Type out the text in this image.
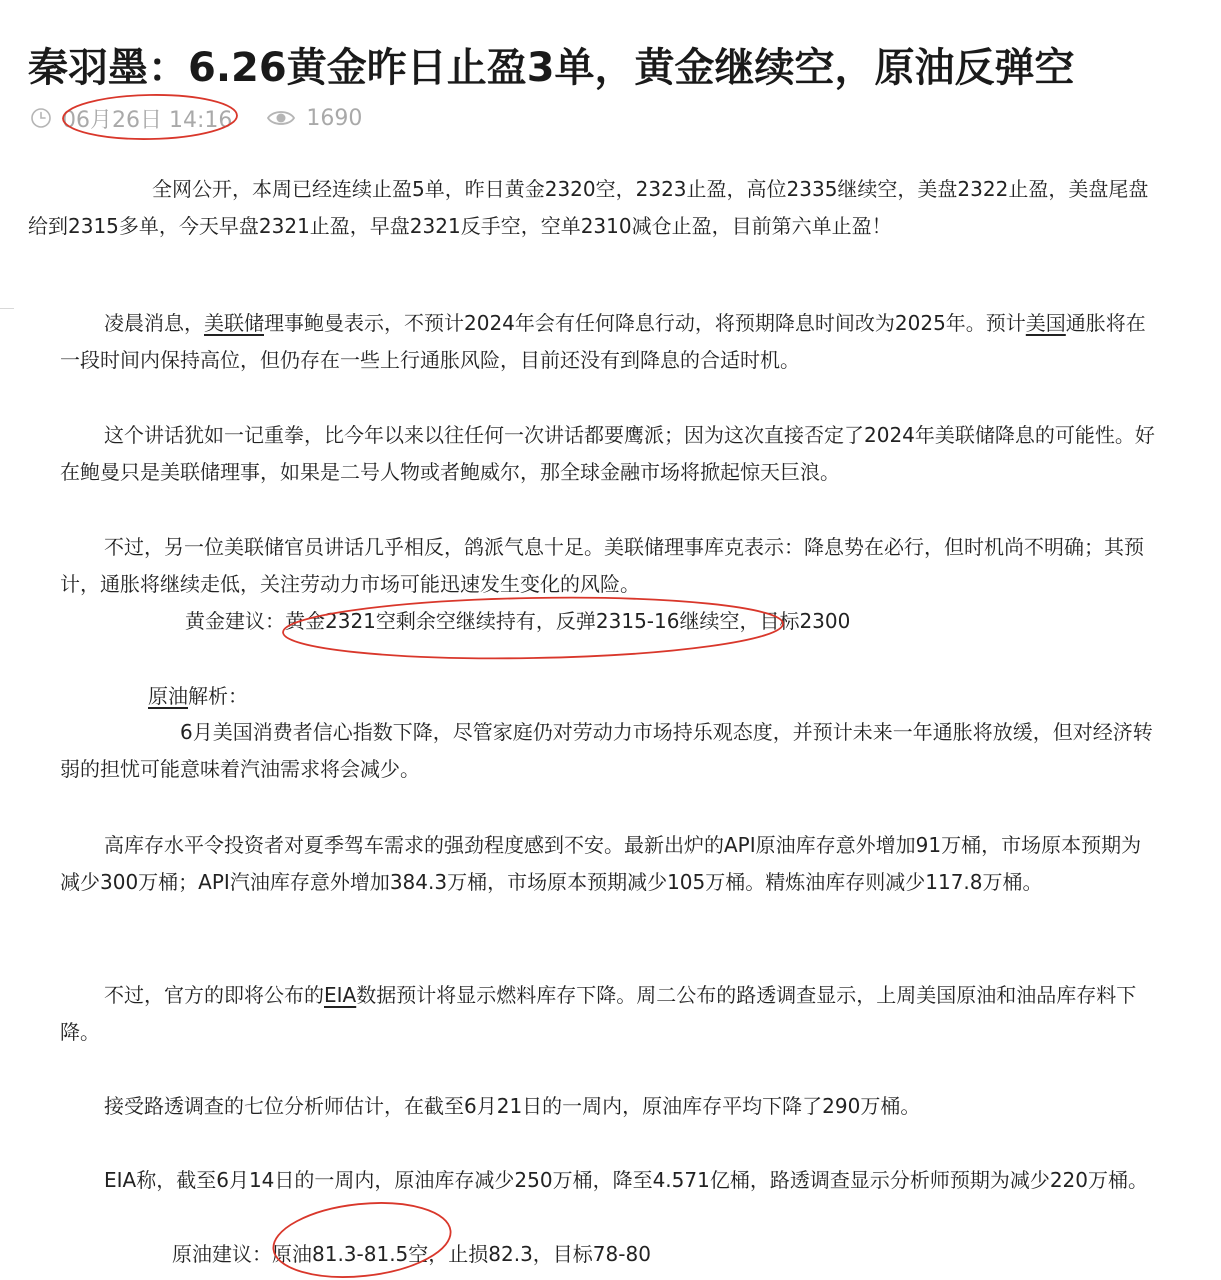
秦羽墨：6.26黄金昨日止盈3单，黄金继续空，原油反弹空
06月26日 14:16	1690

全网公开，本周已经连续止盈5单，昨日黄金2320空，2323止盈，高位2335继续空，美盘2322止盈，美盘尾盘给到2315多单，今天早盘2321止盈，早盘2321反手空，空单2310减仓止盈，目前第六单止盈！

凌晨消息，美联储理事鲍曼表示，不预计2024年会有任何降息行动，将预期降息时间改为2025年。预计美国通胀将在一段时间内保持高位，但仍存在一些上行通胀风险，目前还没有到降息的合适时机。

这个讲话犹如一记重拳，比今年以来以往任何一次讲话都要鹰派；因为这次直接否定了2024年美联储降息的可能性。好在鲍曼只是美联储理事，如果是二号人物或者鲍威尔，那全球金融市场将掀起惊天巨浪。

不过，另一位美联储官员讲话几乎相反，鸽派气息十足。美联储理事库克表示：降息势在必行，但时机尚不明确；其预计，通胀将继续走低，关注劳动力市场可能迅速发生变化的风险。

黄金建议：黄金2321空剩余空继续持有，反弹2315-16继续空，目标2300

原油解析：

6月美国消费者信心指数下降，尽管家庭仍对劳动力市场持乐观态度，并预计未来一年通胀将放缓，但对经济转弱的担忧可能意味着汽油需求将会减少。

高库存水平令投资者对夏季驾车需求的强劲程度感到不安。最新出炉的API原油库存意外增加91万桶，市场原本预期为减少300万桶；API汽油库存意外增加384.3万桶，市场原本预期减少105万桶。精炼油库存则减少117.8万桶。

不过，官方的即将公布的EIA数据预计将显示燃料库存下降。周二公布的路透调查显示，上周美国原油和油品库存料下降。

接受路透调查的七位分析师估计，在截至6月21日的一周内，原油库存平均下降了290万桶。

EIA称，截至6月14日的一周内，原油库存减少250万桶，降至4.571亿桶，路透调查显示分析师预期为减少220万桶。

原油建议：原油81.3-81.5空，止损82.3，目标78-80
